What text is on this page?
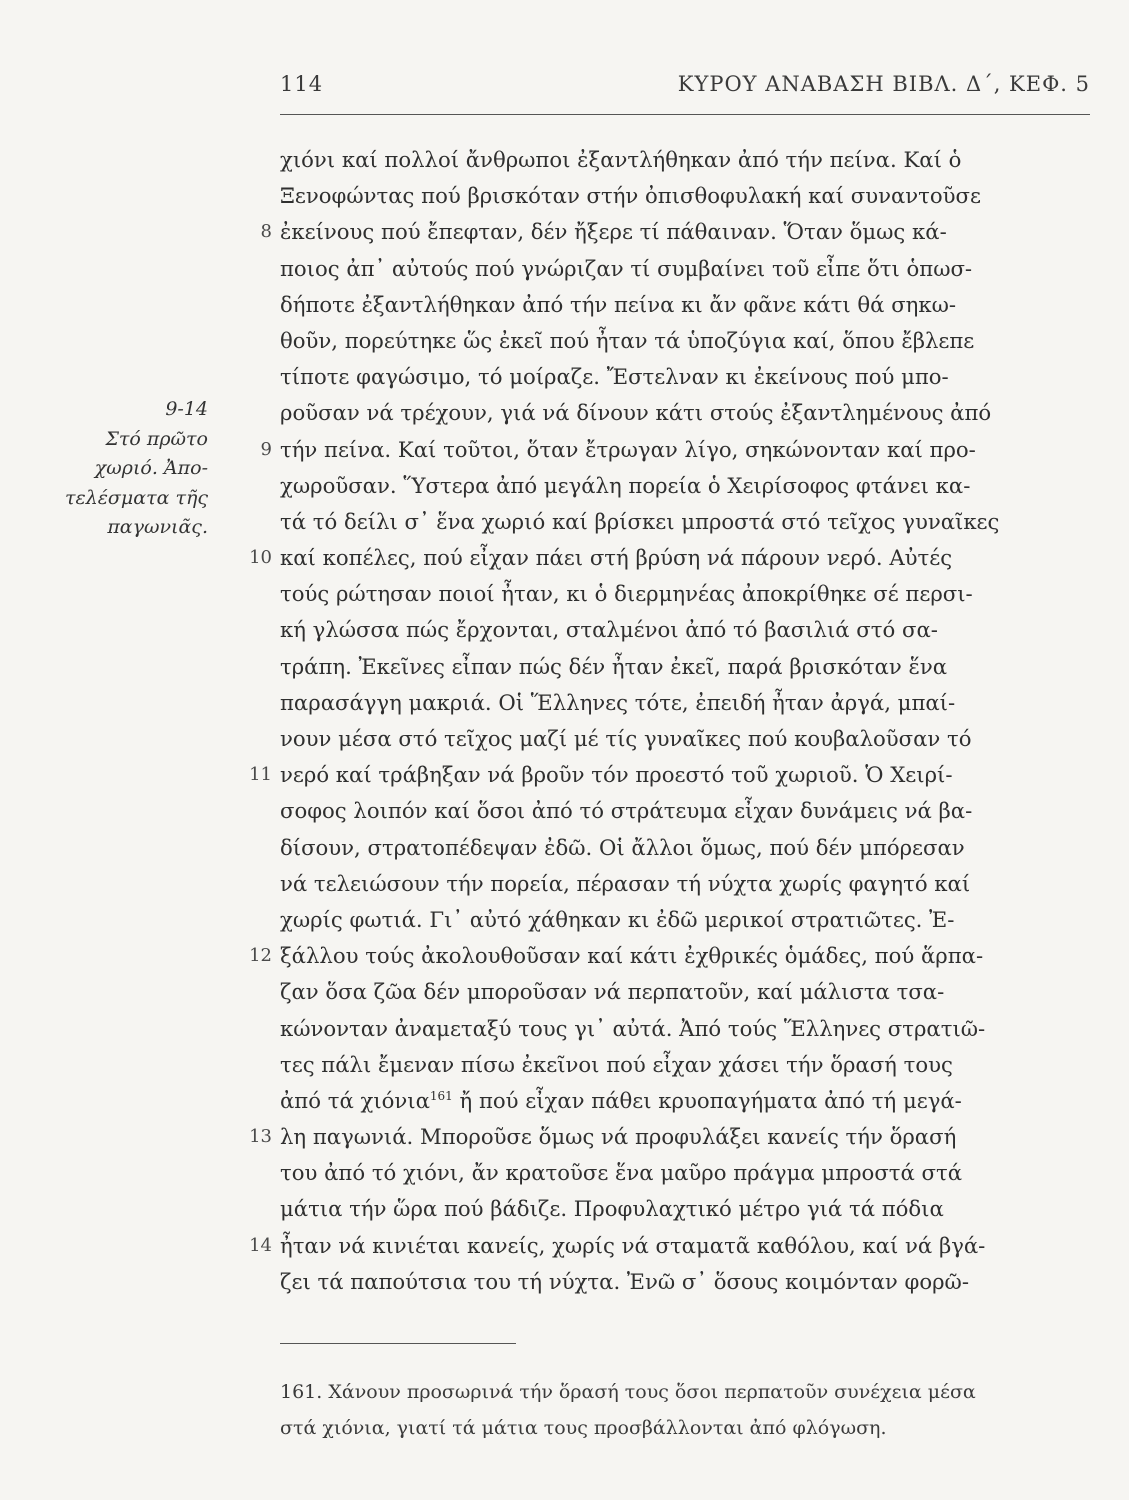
114	ΚΥΡΟΥ ΑΝΑΒΑΣΗ ΒΙΒΛ. Δ΄, ΚΕΦ. 5
9-14
Στό πρῶτο
χωριό. Ἀπο-
τελέσματα τῆς
παγωνιᾶς.
8
9
10
11
12
13
14
χιόνι καί πολλοί ἄνθρωποι ἐξαντλήθηκαν ἀπό τήν πείνα. Καί ὁ
Ξενοφώντας πού βρισκόταν στήν ὀπισθοφυλακή καί συναντοῦσε
ἐκείνους πού ἔπεφταν, δέν ἤξερε τί πάθαιναν. Ὅταν ὅμως κά-
ποιος ἀπ᾿ αὐτούς πού γνώριζαν τί συμβαίνει τοῦ εἶπε ὅτι ὁπωσ-
δήποτε ἐξαντλήθηκαν ἀπό τήν πείνα κι ἄν φᾶνε κάτι θά σηκω-
θοῦν, πορεύτηκε ὥς ἐκεῖ πού ἦταν τά ὑποζύγια καί, ὅπου ἔβλεπε
τίποτε φαγώσιμο, τό μοίραζε. Ἔστελναν κι ἐκείνους πού μπο-
ροῦσαν νά τρέχουν, γιά νά δίνουν κάτι στούς ἐξαντλημένους ἀπό
τήν πείνα. Καί τοῦτοι, ὅταν ἔτρωγαν λίγο, σηκώνονταν καί προ-
χωροῦσαν. Ὕστερα ἀπό μεγάλη πορεία ὁ Χειρίσοφος φτάνει κα-
τά τό δείλι σ᾿ ἕνα χωριό καί βρίσκει μπροστά στό τεῖχος γυναῖκες
καί κοπέλες, πού εἶχαν πάει στή βρύση νά πάρουν νερό. Αὐτές
τούς ρώτησαν ποιοί ἦταν, κι ὁ διερμηνέας ἀποκρίθηκε σέ περσι-
κή γλώσσα πώς ἔρχονται, σταλμένοι ἀπό τό βασιλιά στό σα-
τράπη. Ἐκεῖνες εἶπαν πώς δέν ἦταν ἐκεῖ, παρά βρισκόταν ἕνα
παρασάγγη μακριά. Οἱ Ἕλληνες τότε, ἐπειδή ἦταν ἀργά, μπαί-
νουν μέσα στό τεῖχος μαζί μέ τίς γυναῖκες πού κουβαλοῦσαν τό
νερό καί τράβηξαν νά βροῦν τόν προεστό τοῦ χωριοῦ. Ὁ Χειρί-
σοφος λοιπόν καί ὅσοι ἀπό τό στράτευμα εἶχαν δυνάμεις νά βα-
δίσουν, στρατοπέδεψαν ἐδῶ. Οἱ ἄλλοι ὅμως, πού δέν μπόρεσαν
νά τελειώσουν τήν πορεία, πέρασαν τή νύχτα χωρίς φαγητό καί
χωρίς φωτιά. Γι᾿ αὐτό χάθηκαν κι ἐδῶ μερικοί στρατιῶτες. Ἐ-
ξάλλου τούς ἀκολουθοῦσαν καί κάτι ἐχθρικές ὁμάδες, πού ἅρπα-
ζαν ὅσα ζῶα δέν μποροῦσαν νά περπατοῦν, καί μάλιστα τσα-
κώνονταν ἀναμεταξύ τους γι᾿ αὐτά. Ἀπό τούς Ἕλληνες στρατιῶ-
τες πάλι ἔμεναν πίσω ἐκεῖνοι πού εἶχαν χάσει τήν ὅρασή τους
ἀπό τά χιόνια$^{161}$ ἤ πού εἶχαν πάθει κρυοπαγήματα ἀπό τή μεγά-
λη παγωνιά. Μποροῦσε ὅμως νά προφυλάξει κανείς τήν ὅρασή
του ἀπό τό χιόνι, ἄν κρατοῦσε ἕνα μαῦρο πράγμα μπροστά στά
μάτια τήν ὥρα πού βάδιζε. Προφυλαχτικό μέτρο γιά τά πόδια
ἦταν νά κινιέται κανείς, χωρίς νά σταματᾶ καθόλου, καί νά βγά-
ζει τά παπούτσια του τή νύχτα. Ἐνῶ σ᾿ ὅσους κοιμόνταν φορῶ-
161. Χάνουν προσωρινά τήν ὅρασή τους ὅσοι περπατοῦν συνέχεια μέσα
στά χιόνια, γιατί τά μάτια τους προσβάλλονται ἀπό φλόγωση.
